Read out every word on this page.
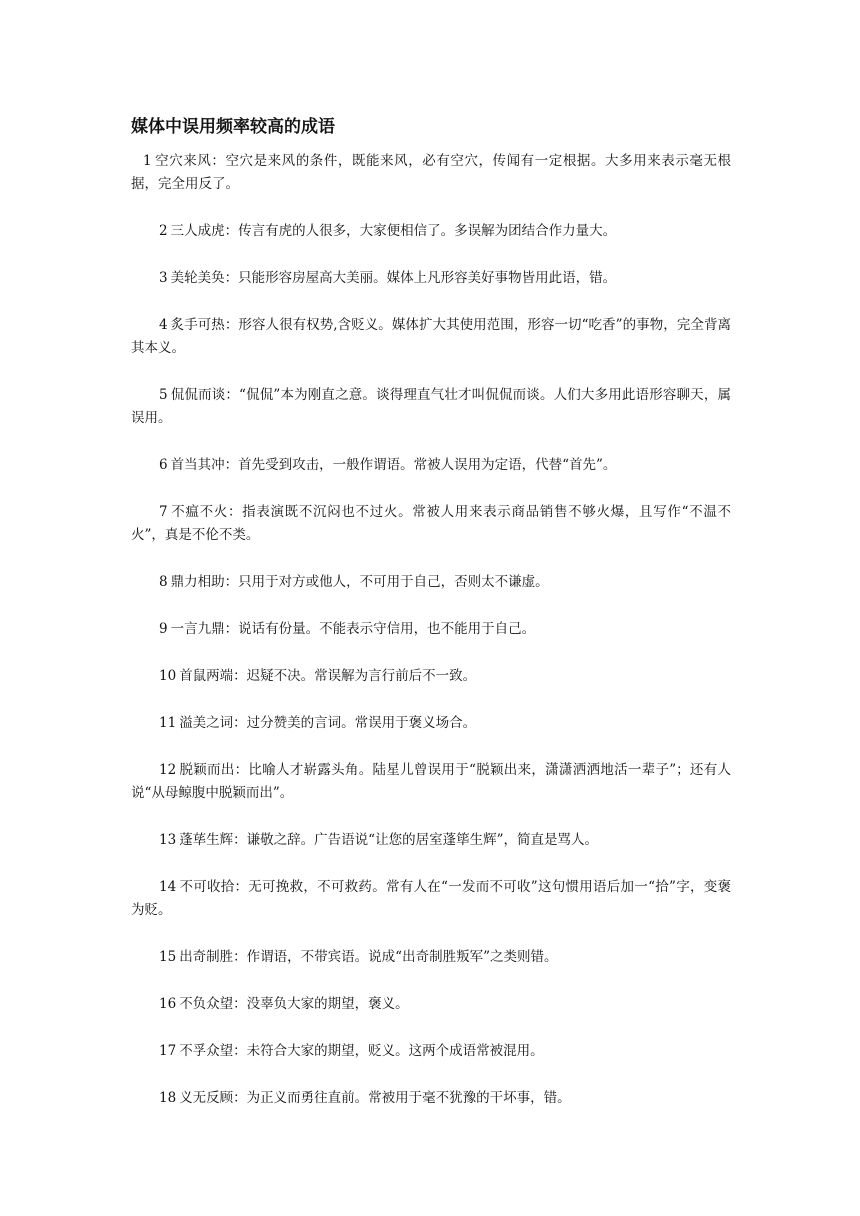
媒体中误用频率较高的成语
1 空穴来风：空穴是来风的条件，既能来风，必有空穴，传闻有一定根据。大多用来表示毫无根据，完全用反了。
2 三人成虎：传言有虎的人很多，大家便相信了。多误解为团结合作力量大。
3 美轮美奂：只能形容房屋高大美丽。媒体上凡形容美好事物皆用此语，错。
4 炙手可热：形容人很有权势,含贬义。媒体扩大其使用范围，形容一切“吃香”的事物，完全背离其本义。
5 侃侃而谈：“侃侃”本为刚直之意。谈得理直气壮才叫侃侃而谈。人们大多用此语形容聊天，属误用。
6 首当其冲：首先受到攻击，一般作谓语。常被人误用为定语，代替“首先”。
7 不瘟不火：指表演既不沉闷也不过火。常被人用来表示商品销售不够火爆，且写作“不温不火”，真是不伦不类。
8 鼎力相助：只用于对方或他人，不可用于自己，否则太不谦虚。
9 一言九鼎：说话有份量。不能表示守信用，也不能用于自己。
10 首鼠两端：迟疑不决。常误解为言行前后不一致。
11 溢美之词：过分赞美的言词。常误用于褒义场合。
12 脱颖而出：比喻人才崭露头角。陆星儿曾误用于“脱颖出来，潇潇洒洒地活一辈子”；还有人说“从母鲸腹中脱颖而出”。
13 蓬荜生辉：谦敬之辞。广告语说“让您的居室蓬筚生辉”，简直是骂人。
14 不可收拾：无可挽救，不可救药。常有人在“一发而不可收”这句惯用语后加一“拾”字，变褒为贬。
15 出奇制胜：作谓语，不带宾语。说成“出奇制胜叛军”之类则错。
16 不负众望：没辜负大家的期望，褒义。
17 不孚众望：未符合大家的期望，贬义。这两个成语常被混用。
18 义无反顾：为正义而勇往直前。常被用于毫不犹豫的干坏事，错。
